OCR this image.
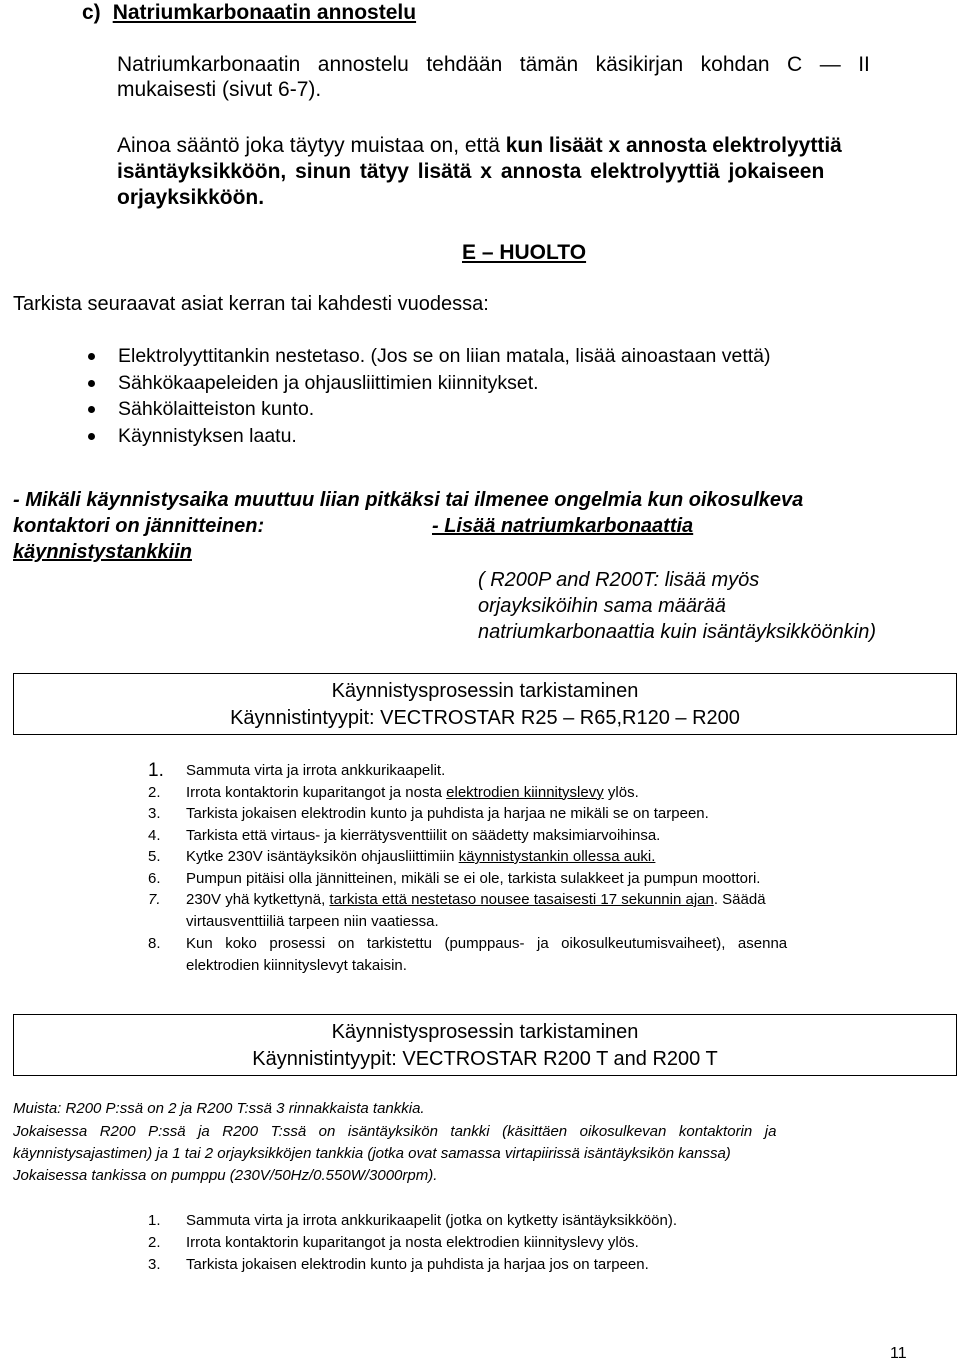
c) Natriumkarbonaatin annostelu
Natriumkarbonaatin   annostelu   tehdään   tämän   käsikirjan   kohdan   C   —   II
mukaisesti (sivut 6-7).
Ainoa sääntö joka täytyy muistaa on, että kun lisäät x annosta elektrolyyttiä
isäntäyksikköön, sinun tätyy lisätä x annosta elektrolyyttiä jokaiseen
orjayksikköön.
E – HUOLTO
Tarkista seuraavat asiat kerran tai kahdesti vuodessa:
Elektrolyyttitankin nestetaso. (Jos se on liian matala, lisää ainoastaan vettä)
Sähkökaapeleiden ja ohjausliittimien kiinnitykset.
Sähkölaitteiston kunto.
Käynnistyksen laatu.
- Mikäli käynnistysaika muuttuu liian pitkäksi tai ilmenee ongelmia kun oikosulkeva
kontaktori on jännitteinen:	- Lisää natriumkarbonaattia
käynnistystankkiin
( R200P and R200T: lisää myös
orjayksiköihin sama määrää
natriumkarbonaattia kuin isäntäyksikköönkin)
Käynnistysprosessin tarkistaminen
Käynnistintyypit: VECTROSTAR R25 – R65,R120 – R200
1. Sammuta virta ja irrota ankkurikaapelit.
2. Irrota kontaktorin kuparitangot ja nosta elektrodien kiinnityslevy ylös.
3. Tarkista jokaisen elektrodin kunto ja puhdista ja harjaa ne mikäli se on tarpeen.
4. Tarkista että virtaus- ja kierrätysventtiilit on säädetty maksimiarvoihinsa.
5. Kytke 230V isäntäyksikön ohjausliittimiin käynnistystankin ollessa auki.
6. Pumpun pitäisi olla jännitteinen, mikäli se ei ole, tarkista sulakkeet ja pumpun moottori.
7. 230V yhä kytkettynä, tarkista että nestetaso nousee tasaisesti 17 sekunnin ajan. Säädä
virtausventtiiliä tarpeen niin vaatiessa.
8. Kun   koko   prosessi   on   tarkistettu   (pumppaus-   ja   oikosulkeutumisvaiheet),   asenna
elektrodien kiinnityslevyt takaisin.
Käynnistysprosessin tarkistaminen
Käynnistintyypit: VECTROSTAR R200 T and R200 T
Muista: R200 P:ssä on 2 ja R200 T:ssä 3 rinnakkaista tankkia.
Jokaisessa   R200   P:ssä   ja   R200   T:ssä   on   isäntäyksikön   tankki   (käsittäen   oikosulkevan   kontaktorin   ja
käynnistysajastimen) ja 1 tai 2 orjayksikköjen tankkia (jotka ovat samassa virtapiirissä isäntäyksikön kanssa)
Jokaisessa tankissa on pumppu (230V/50Hz/0.550W/3000rpm).
1. Sammuta virta ja irrota ankkurikaapelit (jotka on kytketty isäntäyksikköön).
2. Irrota kontaktorin kuparitangot ja nosta elektrodien kiinnityslevy ylös.
3. Tarkista jokaisen elektrodin kunto ja puhdista ja harjaa jos on tarpeen.
11
